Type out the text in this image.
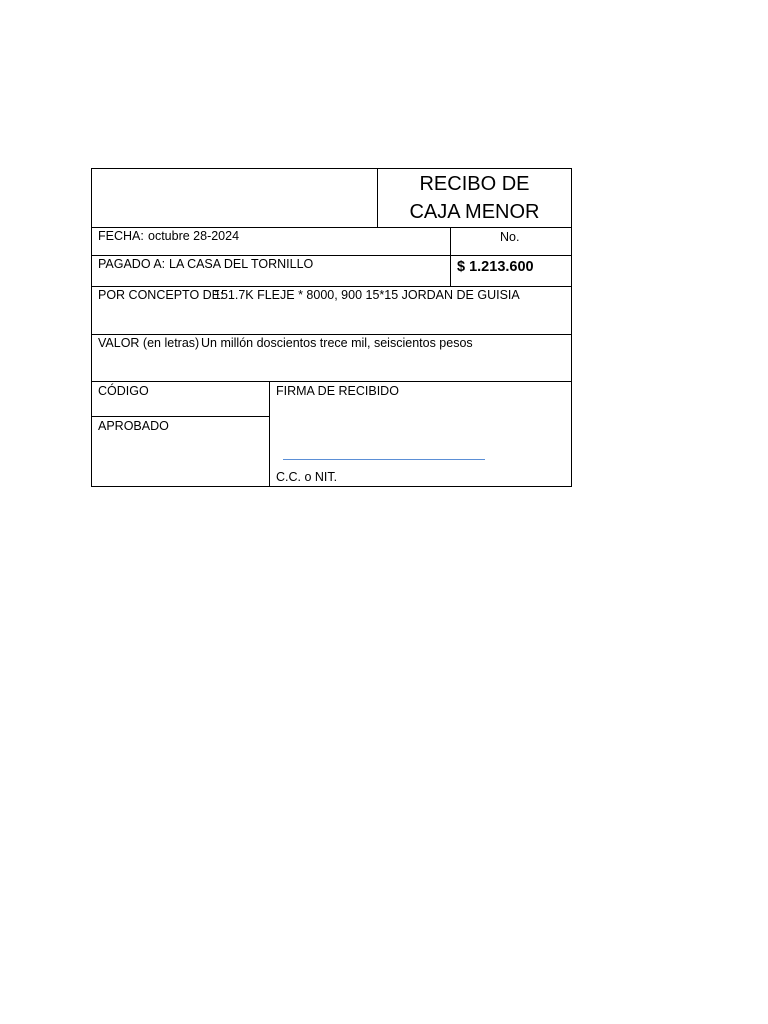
RECIBO DE
CAJA MENOR
FECHA: octubre 28-2024	No.
PAGADO A: LA CASA DEL TORNILLO	$ 1.213.600
POR CONCEPTO DE:
151.7K FLEJE * 8000, 900 15*15 JORDAN DE GUISIA
VALOR (en letras) Un millón doscientos trece mil, seiscientos pesos
CÓDIGO
APROBADO
FIRMA DE RECIBIDO
C.C. o NIT.
